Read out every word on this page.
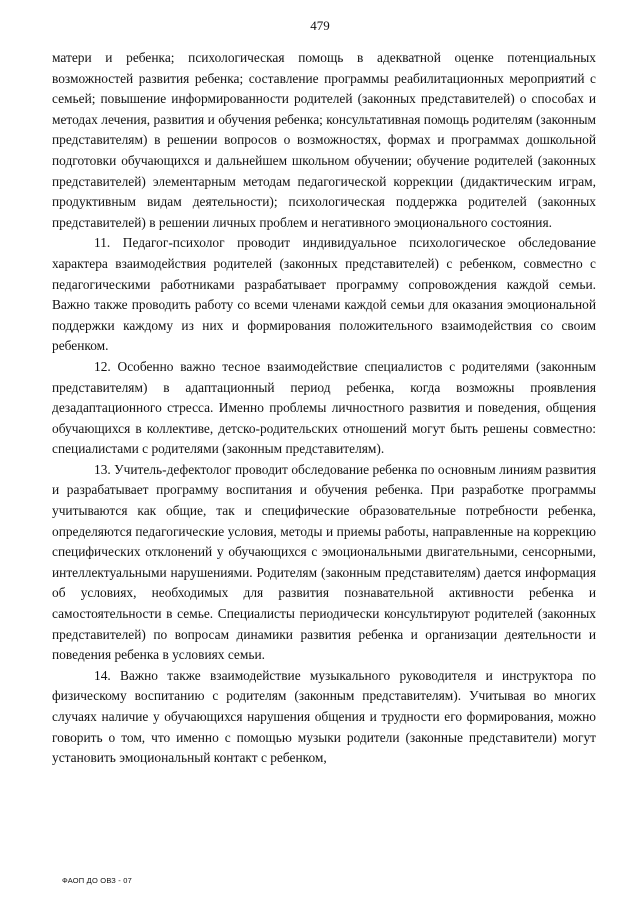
479

матери и ребенка; психологическая помощь в адекватной оценке потенциальных возможностей развития ребенка; составление программы реабилитационных мероприятий с семьей; повышение информированности родителей (законных представителей) о способах и методах лечения, развития и обучения ребенка; консультативная помощь родителям (законным представителям) в решении вопросов о возможностях, формах и программах дошкольной подготовки обучающихся и дальнейшем школьном обучении; обучение родителей (законных представителей) элементарным методам педагогической коррекции (дидактическим играм, продуктивным видам деятельности); психологическая поддержка родителей (законных представителей) в решении личных проблем и негативного эмоционального состояния.

11. Педагог-психолог проводит индивидуальное психологическое обследование характера взаимодействия родителей (законных представителей) с ребенком, совместно с педагогическими работниками разрабатывает программу сопровождения каждой семьи. Важно также проводить работу со всеми членами каждой семьи для оказания эмоциональной поддержки каждому из них и формирования положительного взаимодействия со своим ребенком.

12. Особенно важно тесное взаимодействие специалистов с родителями (законным представителям) в адаптационный период ребенка, когда возможны проявления дезадаптационного стресса. Именно проблемы личностного развития и поведения, общения обучающихся в коллективе, детско-родительских отношений могут быть решены совместно: специалистами с родителями (законным представителям).

13. Учитель-дефектолог проводит обследование ребенка по основным линиям развития и разрабатывает программу воспитания и обучения ребенка. При разработке программы учитываются как общие, так и специфические образовательные потребности ребенка, определяются педагогические условия, методы и приемы работы, направленные на коррекцию специфических отклонений у обучающихся с эмоциональными двигательными, сенсорными, интеллектуальными нарушениями. Родителям (законным представителям) дается информация об условиях, необходимых для развития познавательной активности ребенка и самостоятельности в семье. Специалисты периодически консультируют родителей (законных представителей) по вопросам динамики развития ребенка и организации деятельности и поведения ребенка в условиях семьи.

14. Важно также взаимодействие музыкального руководителя и инструктора по физическому воспитанию с родителям (законным представителям). Учитывая во многих случаях наличие у обучающихся нарушения общения и трудности его формирования, можно говорить о том, что именно с помощью музыки родители (законные представители) могут установить эмоциональный контакт с ребенком,

ФАОП ДО ОВЗ - 07
